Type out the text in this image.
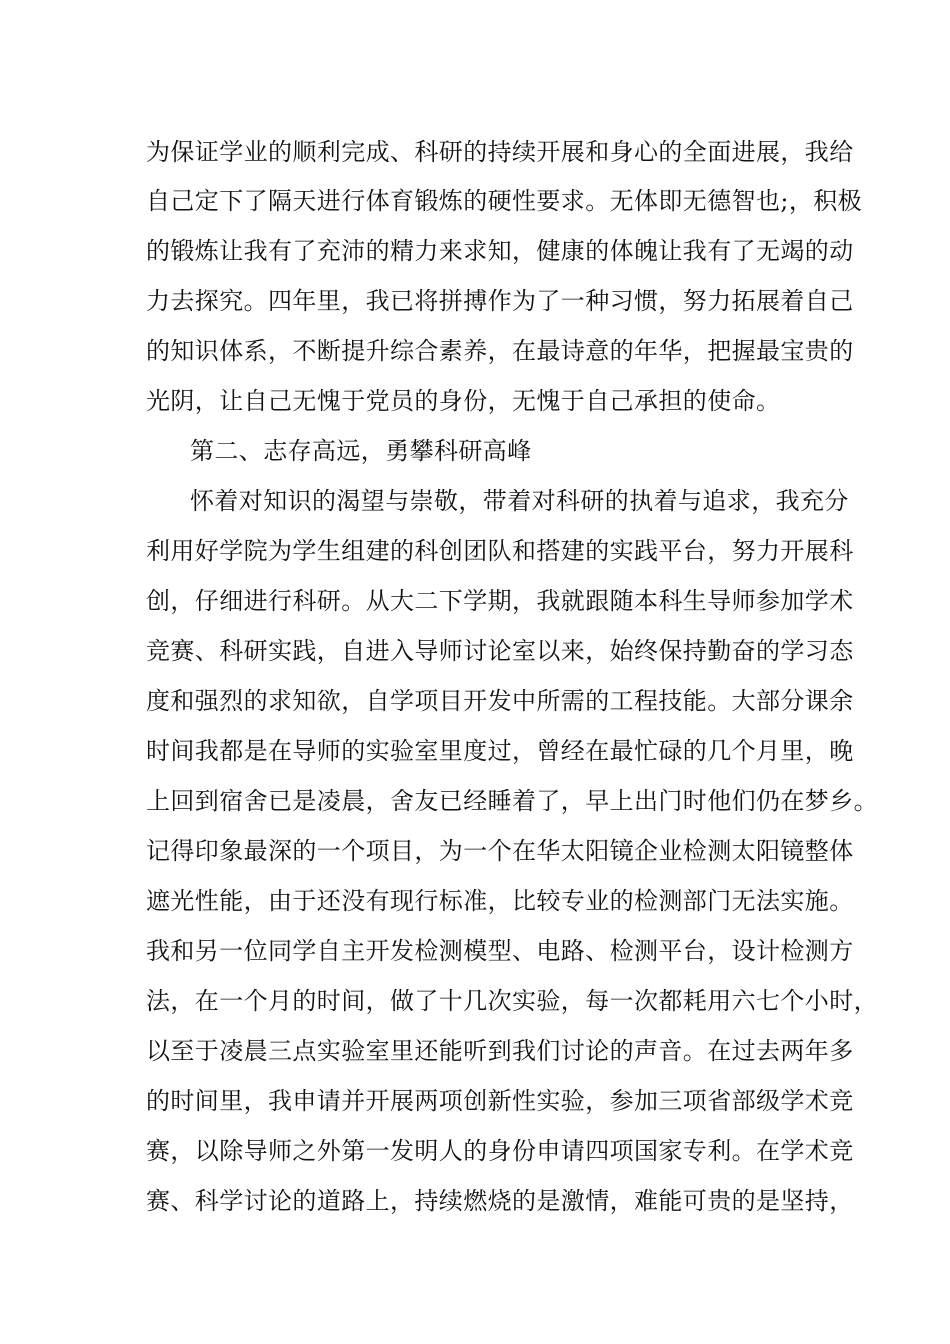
为保证学业的顺利完成、科研的持续开展和身心的全面进展，我给
自己定下了隔天进行体育锻炼的硬性要求。无体即无德智也;，积极
的锻炼让我有了充沛的精力来求知，健康的体魄让我有了无竭的动
力去探究。四年里，我已将拼搏作为了一种习惯，努力拓展着自己
的知识体系，不断提升综合素养，在最诗意的年华，把握最宝贵的
光阴，让自己无愧于党员的身份，无愧于自己承担的使命。
第二、志存高远，勇攀科研高峰
怀着对知识的渴望与崇敬，带着对科研的执着与追求，我充分
利用好学院为学生组建的科创团队和搭建的实践平台，努力开展科
创，仔细进行科研。从大二下学期，我就跟随本科生导师参加学术
竞赛、科研实践，自进入导师讨论室以来，始终保持勤奋的学习态
度和强烈的求知欲，自学项目开发中所需的工程技能。大部分课余
时间我都是在导师的实验室里度过，曾经在最忙碌的几个月里，晚
上回到宿舍已是凌晨，舍友已经睡着了，早上出门时他们仍在梦乡。
记得印象最深的一个项目，为一个在华太阳镜企业检测太阳镜整体
遮光性能，由于还没有现行标准，比较专业的检测部门无法实施。
我和另一位同学自主开发检测模型、电路、检测平台，设计检测方
法，在一个月的时间，做了十几次实验，每一次都耗用六七个小时，
以至于凌晨三点实验室里还能听到我们讨论的声音。在过去两年多
的时间里，我申请并开展两项创新性实验，参加三项省部级学术竞
赛，以除导师之外第一发明人的身份申请四项国家专利。在学术竞
赛、科学讨论的道路上，持续燃烧的是激情，难能可贵的是坚持，
